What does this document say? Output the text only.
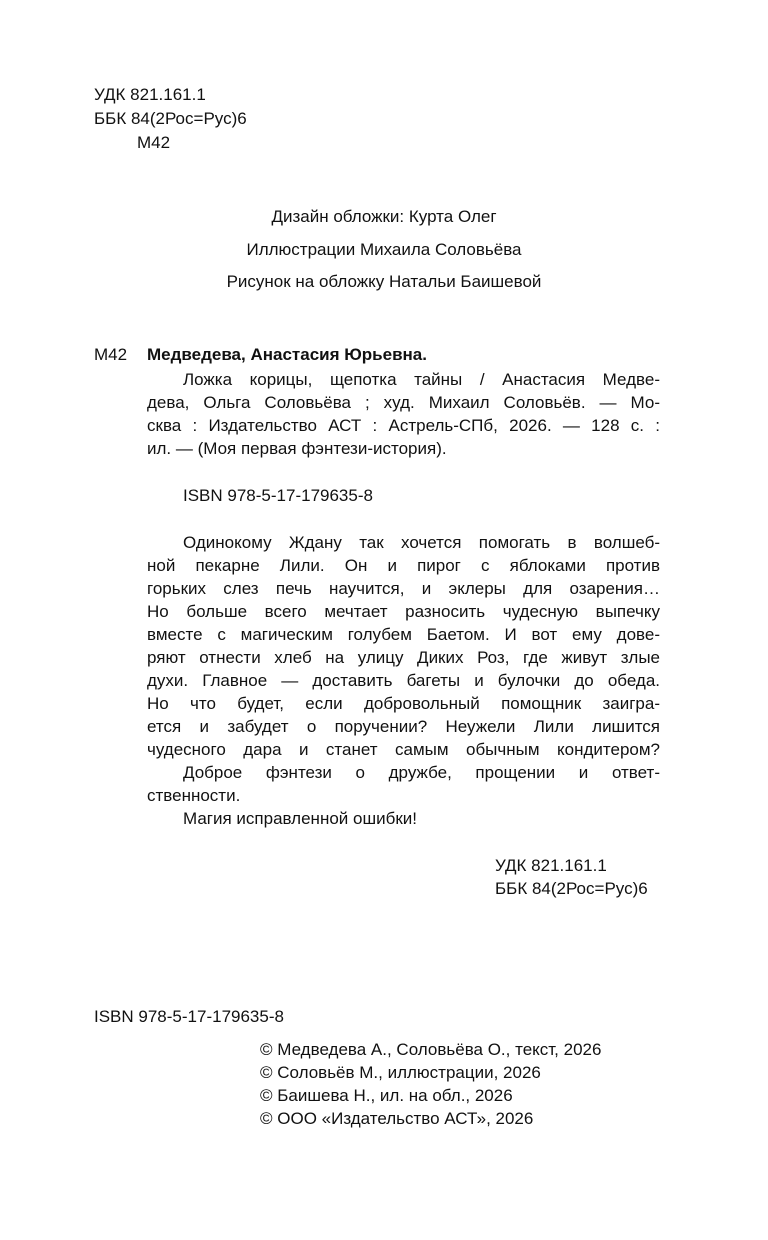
УДК 821.161.1
ББК 84(2Рос=Рус)6
М42
Дизайн обложки: Курта Олег
Иллюстрации Михаила Соловьёва
Рисунок на обложку Натальи Баишевой
М42 Медведева, Анастасия Юрьевна.
Ложка корицы, щепотка тайны / Анастасия Медве-
дева, Ольга Соловьёва ; худ. Михаил Соловьёв. — Мо-
сква : Издательство АСТ : Астрель-СПб, 2026. — 128 с. :
ил. — (Моя первая фэнтези-история).
ISBN 978-5-17-179635-8
Одинокому Ждану так хочется помогать в волшеб-
ной пекарне Лили. Он и пирог с яблоками против
горьких слез печь научится, и эклеры для озарения…
Но больше всего мечтает разносить чудесную выпечку
вместе с магическим голубем Баетом. И вот ему дове-
ряют отнести хлеб на улицу Диких Роз, где живут злые
духи. Главное — доставить багеты и булочки до обеда.
Но что будет, если добровольный помощник заигра-
ется и забудет о поручении? Неужели Лили лишится
чудесного дара и станет самым обычным кондитером?
Доброе фэнтези о дружбе, прощении и ответ-
ственности.
Магия исправленной ошибки!
УДК 821.161.1
ББК 84(2Рос=Рус)6
ISBN 978-5-17-179635-8
© Медведева А., Соловьёва О., текст, 2026
© Соловьёв М., иллюстрации, 2026
© Баишева Н., ил. на обл., 2026
© ООО «Издательство АСТ», 2026
